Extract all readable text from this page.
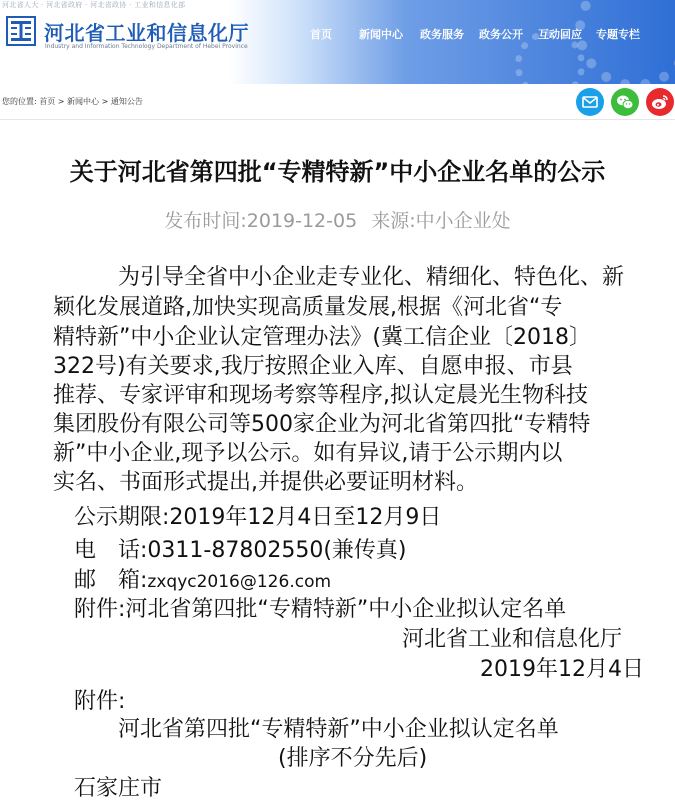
河北省人大 · 河北省政府 · 河北省政协 · 工业和信息化部
河北省工业和信息化厅
Industry and Information Technology Department of Hebei Province
首页 新闻中心 政务服务 政务公开 互动回应 专题专栏
您的位置: 首页 > 新闻中心 > 通知公告
关于河北省第四批“专精特新”中小企业名单的公示
发布时间:2019-12-05 来源:中小企业处
　　为引导全省中小企业走专业化、精细化、特色化、新
颖化发展道路,加快实现高质量发展,根据《河北省“专
精特新”中小企业认定管理办法》(冀工信企业〔2018〕
322号)有关要求,我厅按照企业入库、自愿申报、市县
推荐、专家评审和现场考察等程序,拟认定晨光生物科技
集团股份有限公司等500家企业为河北省第四批“专精特
新”中小企业,现予以公示。如有异议,请于公示期内以
实名、书面形式提出,并提供必要证明材料。
公示期限:2019年12月4日至12月9日
电　话:0311-87802550(兼传真)
邮　箱:zxqyc2016@126.com
附件:河北省第四批“专精特新”中小企业拟认定名单
河北省工业和信息化厅
2019年12月4日
附件:
河北省第四批“专精特新”中小企业拟认定名单
(排序不分先后)
石家庄市
